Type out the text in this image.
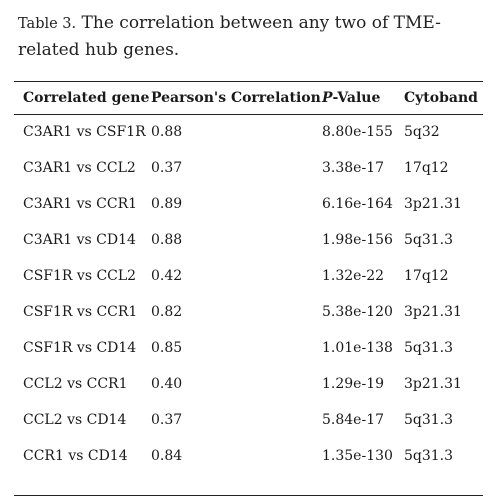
Table 3. The correlation between any two of TME-related hub genes.
Correlated gene	Pearson's Correlation	P-Value	Cytoband
C3AR1 vs CSF1R	0.88	8.80e-155	5q32
C3AR1 vs CCL2	0.37	3.38e-17	17q12
C3AR1 vs CCR1	0.89	6.16e-164	3p21.31
C3AR1 vs CD14	0.88	1.98e-156	5q31.3
CSF1R vs CCL2	0.42	1.32e-22	17q12
CSF1R vs CCR1	0.82	5.38e-120	3p21.31
CSF1R vs CD14	0.85	1.01e-138	5q31.3
CCL2 vs CCR1	0.40	1.29e-19	3p21.31
CCL2 vs CD14	0.37	5.84e-17	5q31.3
CCR1 vs CD14	0.84	1.35e-130	5q31.3
